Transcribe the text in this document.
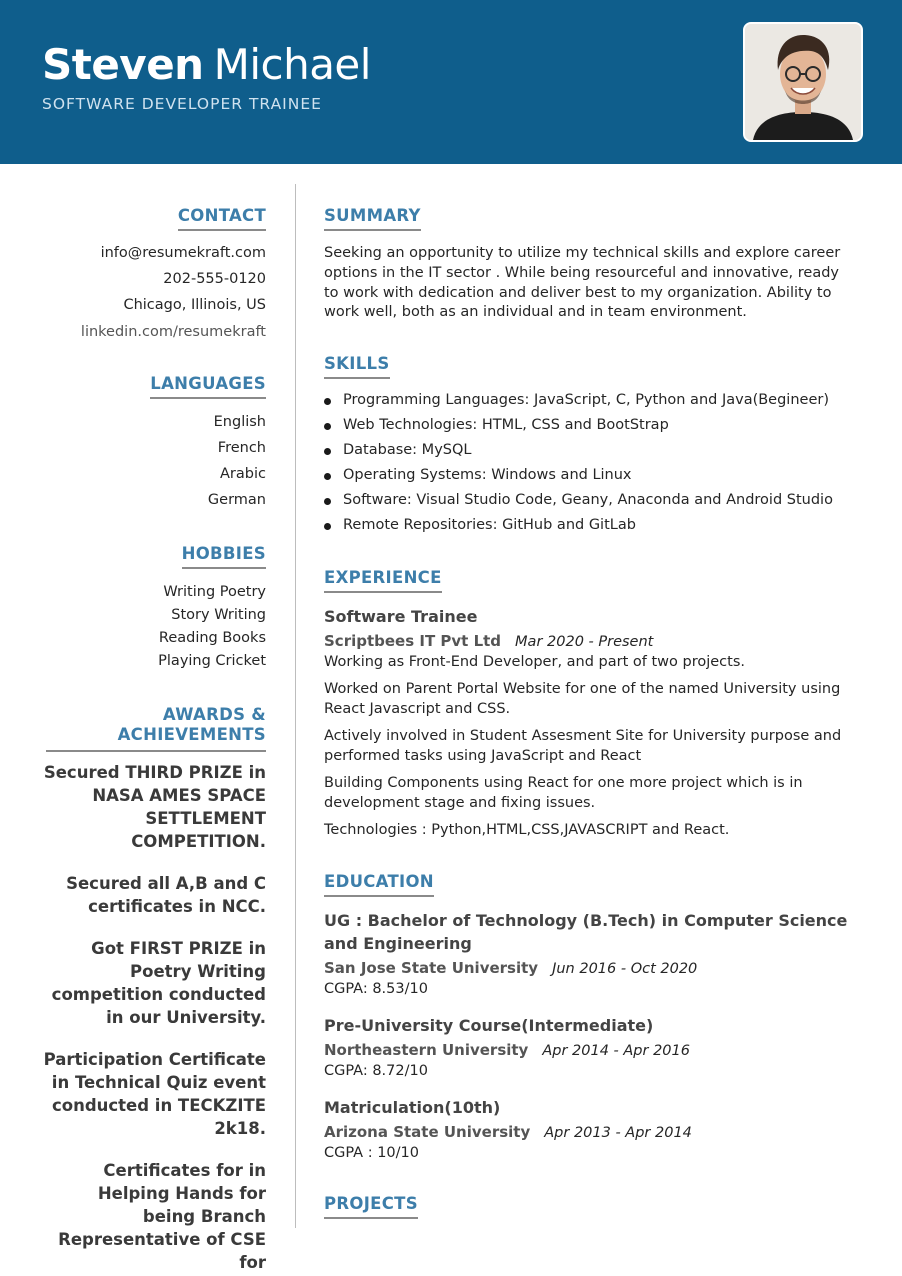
Steven Michael
SOFTWARE DEVELOPER TRAINEE
CONTACT
info@resumekraft.com
202-555-0120
Chicago, Illinois, US
linkedin.com/resumekraft
LANGUAGES
English
French
Arabic
German
HOBBIES
Writing Poetry
Story Writing
Reading Books
Playing Cricket
AWARDS & ACHIEVEMENTS
Secured THIRD PRIZE in NASA AMES SPACE SETTLEMENT COMPETITION.
Secured all A,B and C certificates in NCC.
Got FIRST PRIZE in Poetry Writing competition conducted in our University.
Participation Certificate in Technical Quiz event conducted in TECKZITE 2k18.
Certificates for in Helping Hands for being Branch Representative of CSE for
SUMMARY
Seeking an opportunity to utilize my technical skills and explore career options in the IT sector . While being resourceful and innovative, ready to work with dedication and deliver best to my organization. Ability to work well, both as an individual and in team environment.
SKILLS
Programming Languages: JavaScript, C, Python and Java(Begineer)
Web Technologies: HTML, CSS and BootStrap
Database: MySQL
Operating Systems: Windows and Linux
Software: Visual Studio Code, Geany, Anaconda and Android Studio
Remote Repositories: GitHub and GitLab
EXPERIENCE
Software Trainee
Scriptbees IT Pvt Ltd Mar 2020 - Present
Working as Front-End Developer, and part of two projects.
Worked on Parent Portal Website for one of the named University using React Javascript and CSS.
Actively involved in Student Assesment Site for University purpose and performed tasks using JavaScript and React
Building Components using React for one more project which is in development stage and fixing issues.
Technologies : Python,HTML,CSS,JAVASCRIPT and React.
EDUCATION
UG : Bachelor of Technology (B.Tech) in Computer Science and Engineering
San Jose State University Jun 2016 - Oct 2020
CGPA: 8.53/10
Pre-University Course(Intermediate)
Northeastern University Apr 2014 - Apr 2016
CGPA: 8.72/10
Matriculation(10th)
Arizona State University Apr 2013 - Apr 2014
CGPA : 10/10
PROJECTS
